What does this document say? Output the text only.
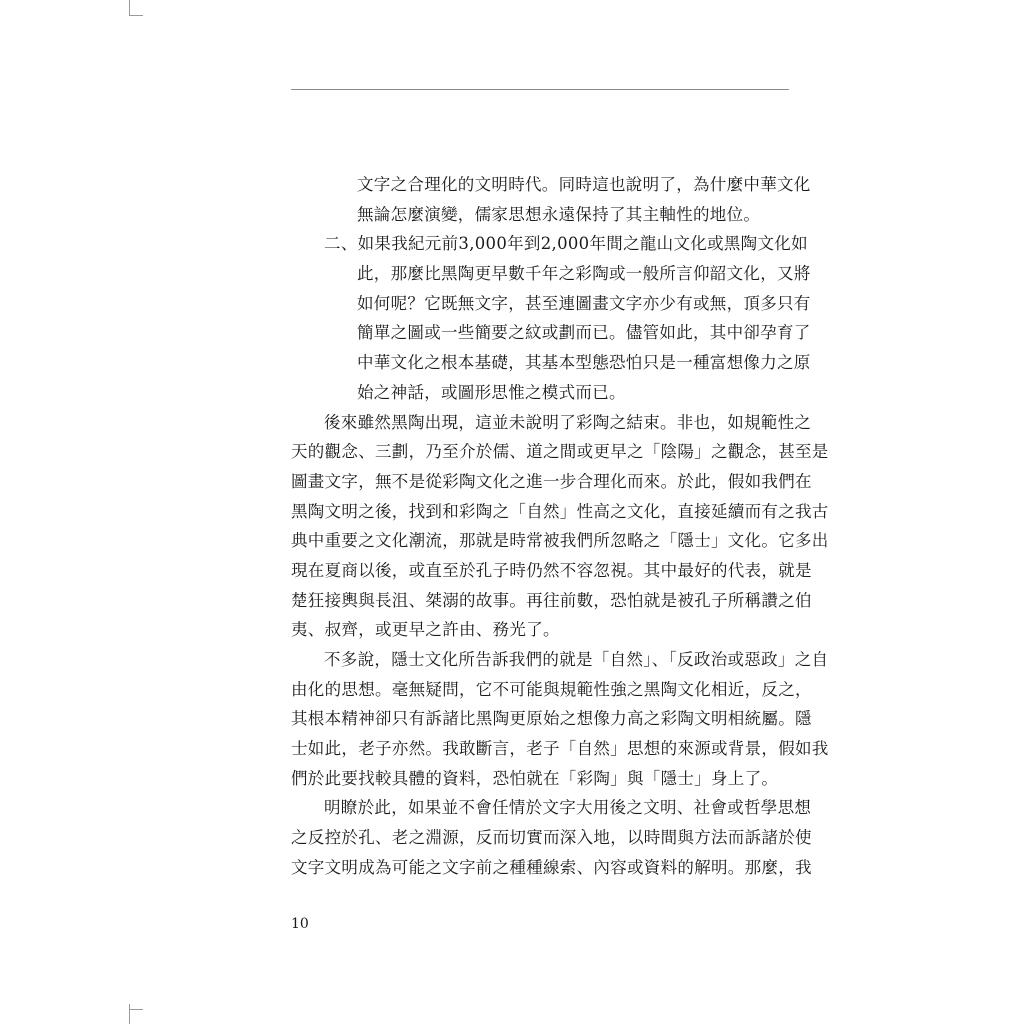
文字之合理化的文明時代。同時這也說明了，為什麼中華文化
無論怎麼演變，儒家思想永遠保持了其主軸性的地位。
二、如果我紀元前3,000年到2,000年間之龍山文化或黑陶文化如
此，那麼比黑陶更早數千年之彩陶或一般所言仰韶文化，又將
如何呢？它既無文字，甚至連圖畫文字亦少有或無，頂多只有
簡單之圖或一些簡要之紋或劃而已。儘管如此，其中卻孕育了
中華文化之根本基礎，其基本型態恐怕只是一種富想像力之原
始之神話，或圖形思惟之模式而已。
後來雖然黑陶出現，這並未說明了彩陶之結束。非也，如規範性之
天的觀念、三劃，乃至介於儒、道之間或更早之「陰陽」之觀念，甚至是
圖畫文字，無不是從彩陶文化之進一步合理化而來。於此，假如我們在
黑陶文明之後，找到和彩陶之「自然」性高之文化，直接延續而有之我古
典中重要之文化潮流，那就是時常被我們所忽略之「隱士」文化。它多出
現在夏商以後，或直至於孔子時仍然不容忽視。其中最好的代表，就是
楚狂接輿與長沮、桀溺的故事。再往前數，恐怕就是被孔子所稱讚之伯
夷、叔齊，或更早之許由、務光了。
不多說，隱士文化所告訴我們的就是「自然」、「反政治或惡政」之自
由化的思想。毫無疑問，它不可能與規範性強之黑陶文化相近，反之，
其根本精神卻只有訴諸比黑陶更原始之想像力高之彩陶文明相統屬。隱
士如此，老子亦然。我敢斷言，老子「自然」思想的來源或背景，假如我
們於此要找較具體的資料，恐怕就在「彩陶」與「隱士」身上了。
明瞭於此，如果並不會任情於文字大用後之文明、社會或哲學思想
之反控於孔、老之淵源，反而切實而深入地，以時間與方法而訴諸於使
文字文明成為可能之文字前之種種線索、內容或資料的解明。那麼，我
10
